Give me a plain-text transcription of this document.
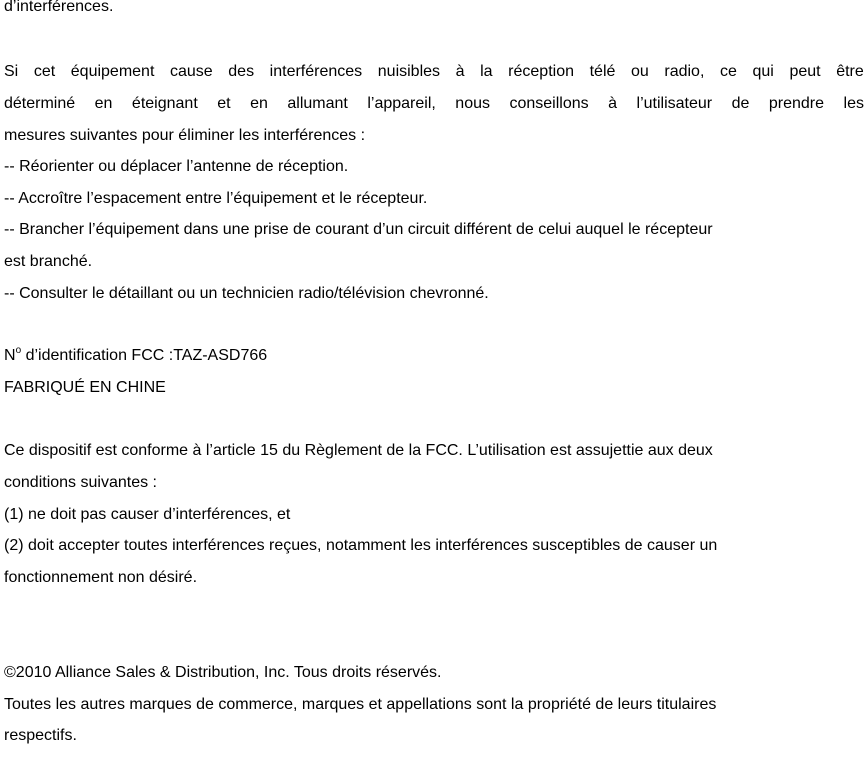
d’interférences.
Si cet équipement cause des interférences nuisibles à la réception télé ou radio, ce qui peut être
déterminé en éteignant et en allumant l’appareil, nous conseillons à l’utilisateur de prendre les
mesures suivantes pour éliminer les interférences :
-- Réorienter ou déplacer l’antenne de réception.
-- Accroître l’espacement entre l’équipement et le récepteur.
-- Brancher l’équipement dans une prise de courant d’un circuit différent de celui auquel le récepteur
est branché.
-- Consulter le détaillant ou un technicien radio/télévision chevronné.
$N^o$ d’identification FCC :TAZ-ASD766
FABRIQUÉ EN CHINE
Ce dispositif est conforme à l’article 15 du Règlement de la FCC. L’utilisation est assujettie aux deux
conditions suivantes :
(1) ne doit pas causer d’interférences, et
(2) doit accepter toutes interférences reçues, notamment les interférences susceptibles de causer un
fonctionnement non désiré.
©2010 Alliance Sales & Distribution, Inc. Tous droits réservés.
Toutes les autres marques de commerce, marques et appellations sont la propriété de leurs titulaires
respectifs.
